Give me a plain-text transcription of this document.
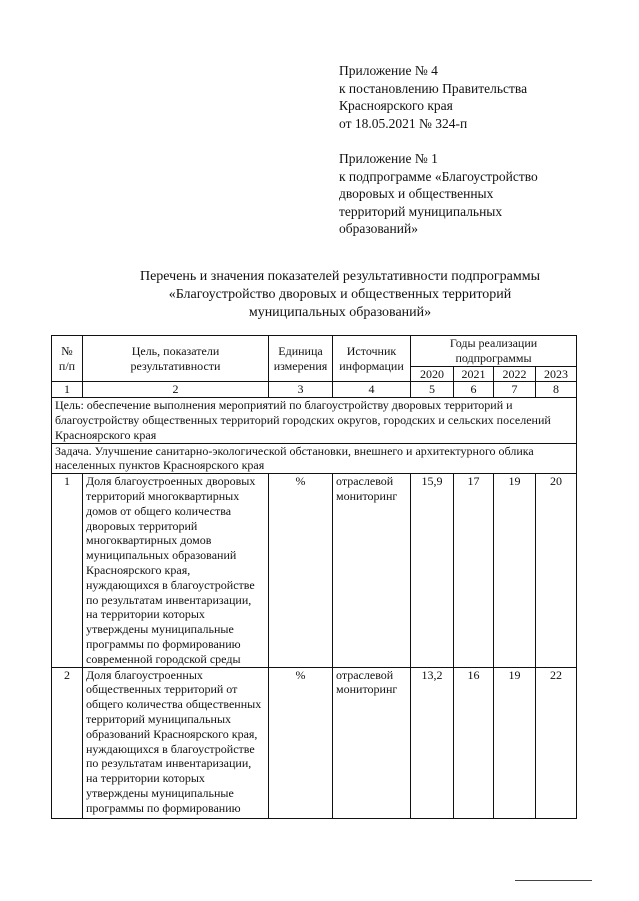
Приложение № 4
к постановлению Правительства
Красноярского края
от 18.05.2021 № 324-п
Приложение № 1
к подпрограмме «Благоустройство
дворовых и общественных
территорий муниципальных
образований»
Перечень и значения показателей результативности подпрограммы
«Благоустройство дворовых и общественных территорий
муниципальных образований»
№ п/п	Цель, показатели результативности	Единица измерения	Источник информации	Годы реализации подпрограммы			
				2020	2021	2022	2023
1	2	3	4	5	6	7	8
Цель: обеспечение выполнения мероприятий по благоустройству дворовых территорий и благоустройству общественных территорий городских округов, городских и сельских поселений Красноярского края							
Задача. Улучшение санитарно-экологической обстановки, внешнего и архитектурного облика населенных пунктов Красноярского края							
1	Доля благоустроенных дворовых территорий многоквартирных домов от общего количества дворовых территорий многоквартирных домов муниципальных образований Красноярского края, нуждающихся в благоустройстве по результатам инвентаризации, на территории которых утверждены муниципальные программы по формированию современной городской среды	%	отраслевой мониторинг	15,9	17	19	20
2	Доля благоустроенных общественных территорий от общего количества общественных территорий муниципальных образований Красноярского края, нуждающихся в благоустройстве по результатам инвентаризации, на территории которых утверждены муниципальные программы по формированию	%	отраслевой мониторинг	13,2	16	19	22
